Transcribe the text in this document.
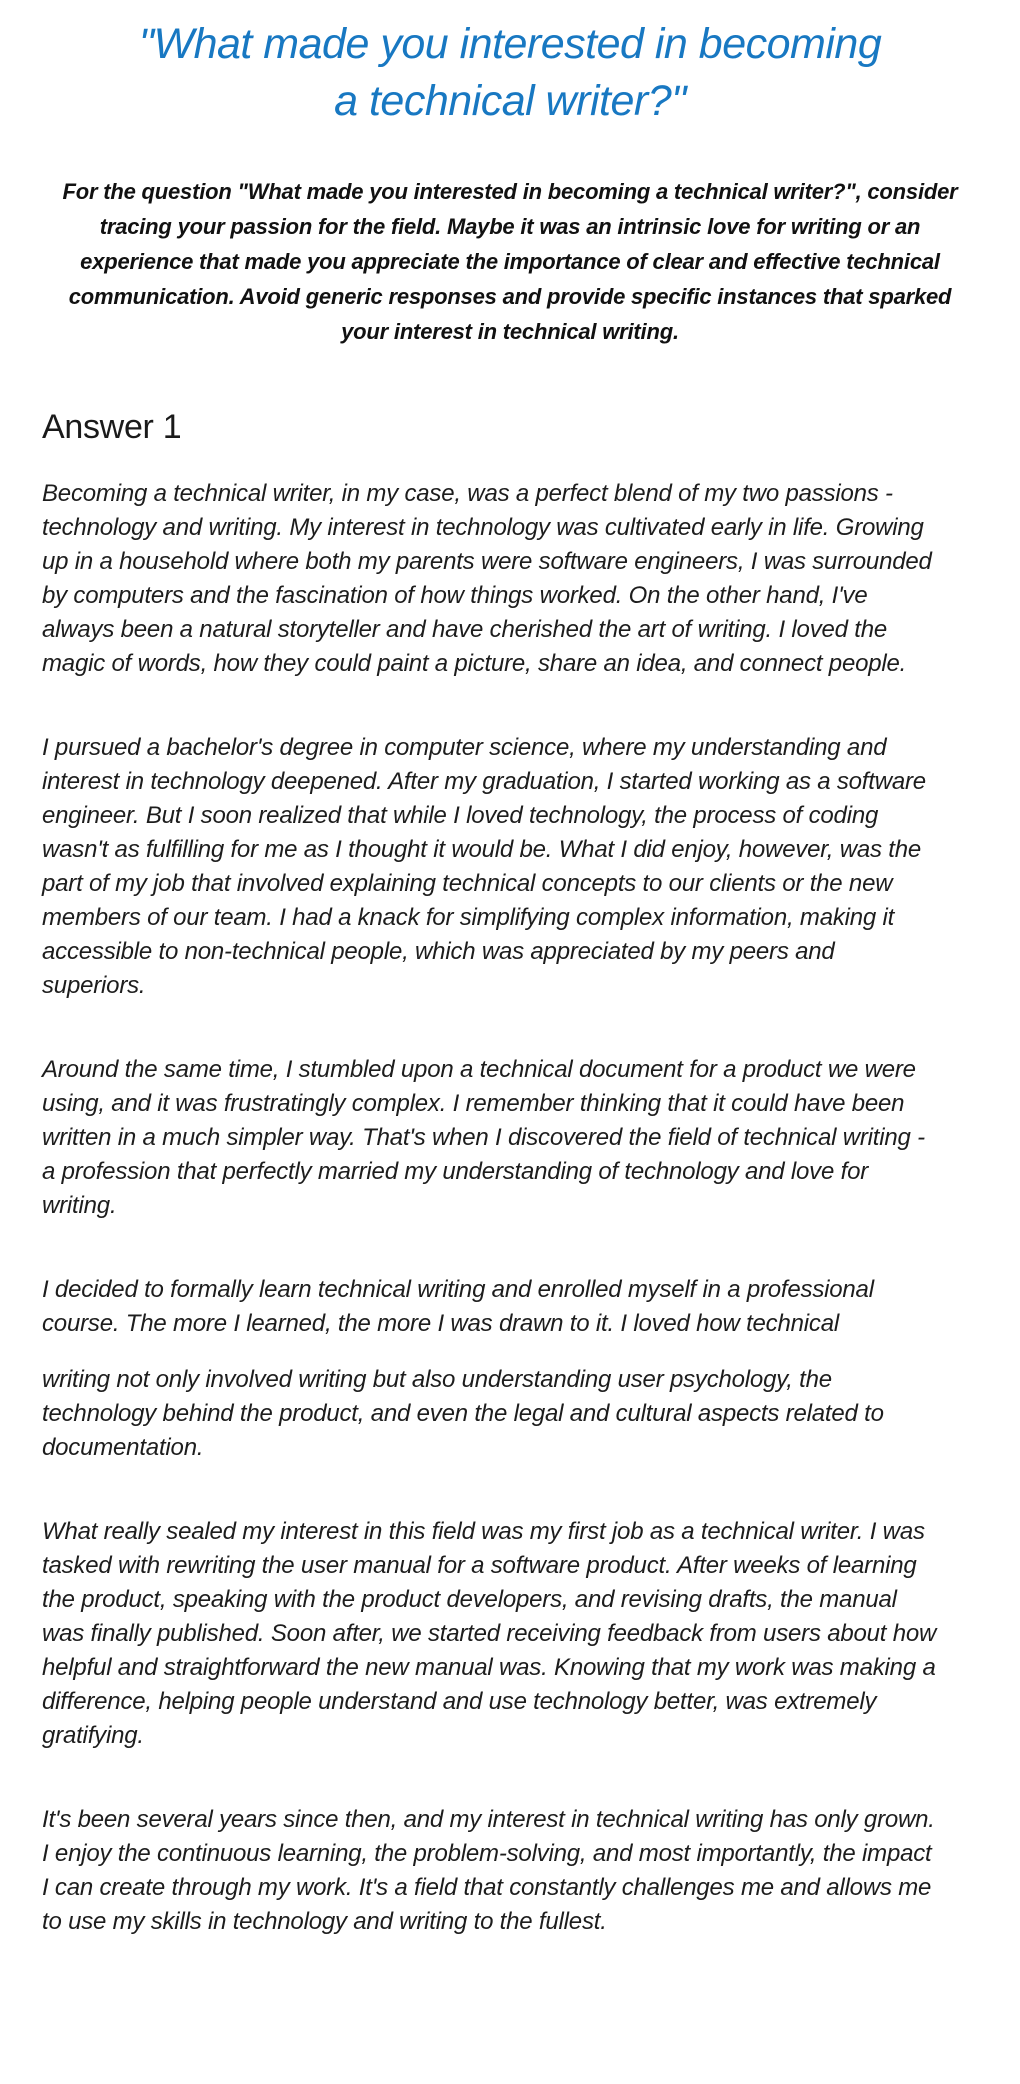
"What made you interested in becoming
a technical writer?"
For the question "What made you interested in becoming a technical writer?", consider tracing your passion for the field. Maybe it was an intrinsic love for writing or an experience that made you appreciate the importance of clear and effective technical communication. Avoid generic responses and provide specific instances that sparked your interest in technical writing.
Answer 1

Becoming a technical writer, in my case, was a perfect blend of my two passions - technology and writing. My interest in technology was cultivated early in life. Growing up in a household where both my parents were software engineers, I was surrounded by computers and the fascination of how things worked. On the other hand, I've always been a natural storyteller and have cherished the art of writing. I loved the magic of words, how they could paint a picture, share an idea, and connect people.

I pursued a bachelor's degree in computer science, where my understanding and interest in technology deepened. After my graduation, I started working as a software engineer. But I soon realized that while I loved technology, the process of coding wasn't as fulfilling for me as I thought it would be. What I did enjoy, however, was the part of my job that involved explaining technical concepts to our clients or the new members of our team. I had a knack for simplifying complex information, making it accessible to non-technical people, which was appreciated by my peers and superiors.

Around the same time, I stumbled upon a technical document for a product we were using, and it was frustratingly complex. I remember thinking that it could have been written in a much simpler way. That's when I discovered the field of technical writing - a profession that perfectly married my understanding of technology and love for writing.

I decided to formally learn technical writing and enrolled myself in a professional course. The more I learned, the more I was drawn to it. I loved how technical

writing not only involved writing but also understanding user psychology, the technology behind the product, and even the legal and cultural aspects related to documentation.

What really sealed my interest in this field was my first job as a technical writer. I was tasked with rewriting the user manual for a software product. After weeks of learning the product, speaking with the product developers, and revising drafts, the manual was finally published. Soon after, we started receiving feedback from users about how helpful and straightforward the new manual was. Knowing that my work was making a difference, helping people understand and use technology better, was extremely gratifying.

It's been several years since then, and my interest in technical writing has only grown. I enjoy the continuous learning, the problem-solving, and most importantly, the impact I can create through my work. It's a field that constantly challenges me and allows me to use my skills in technology and writing to the fullest.
